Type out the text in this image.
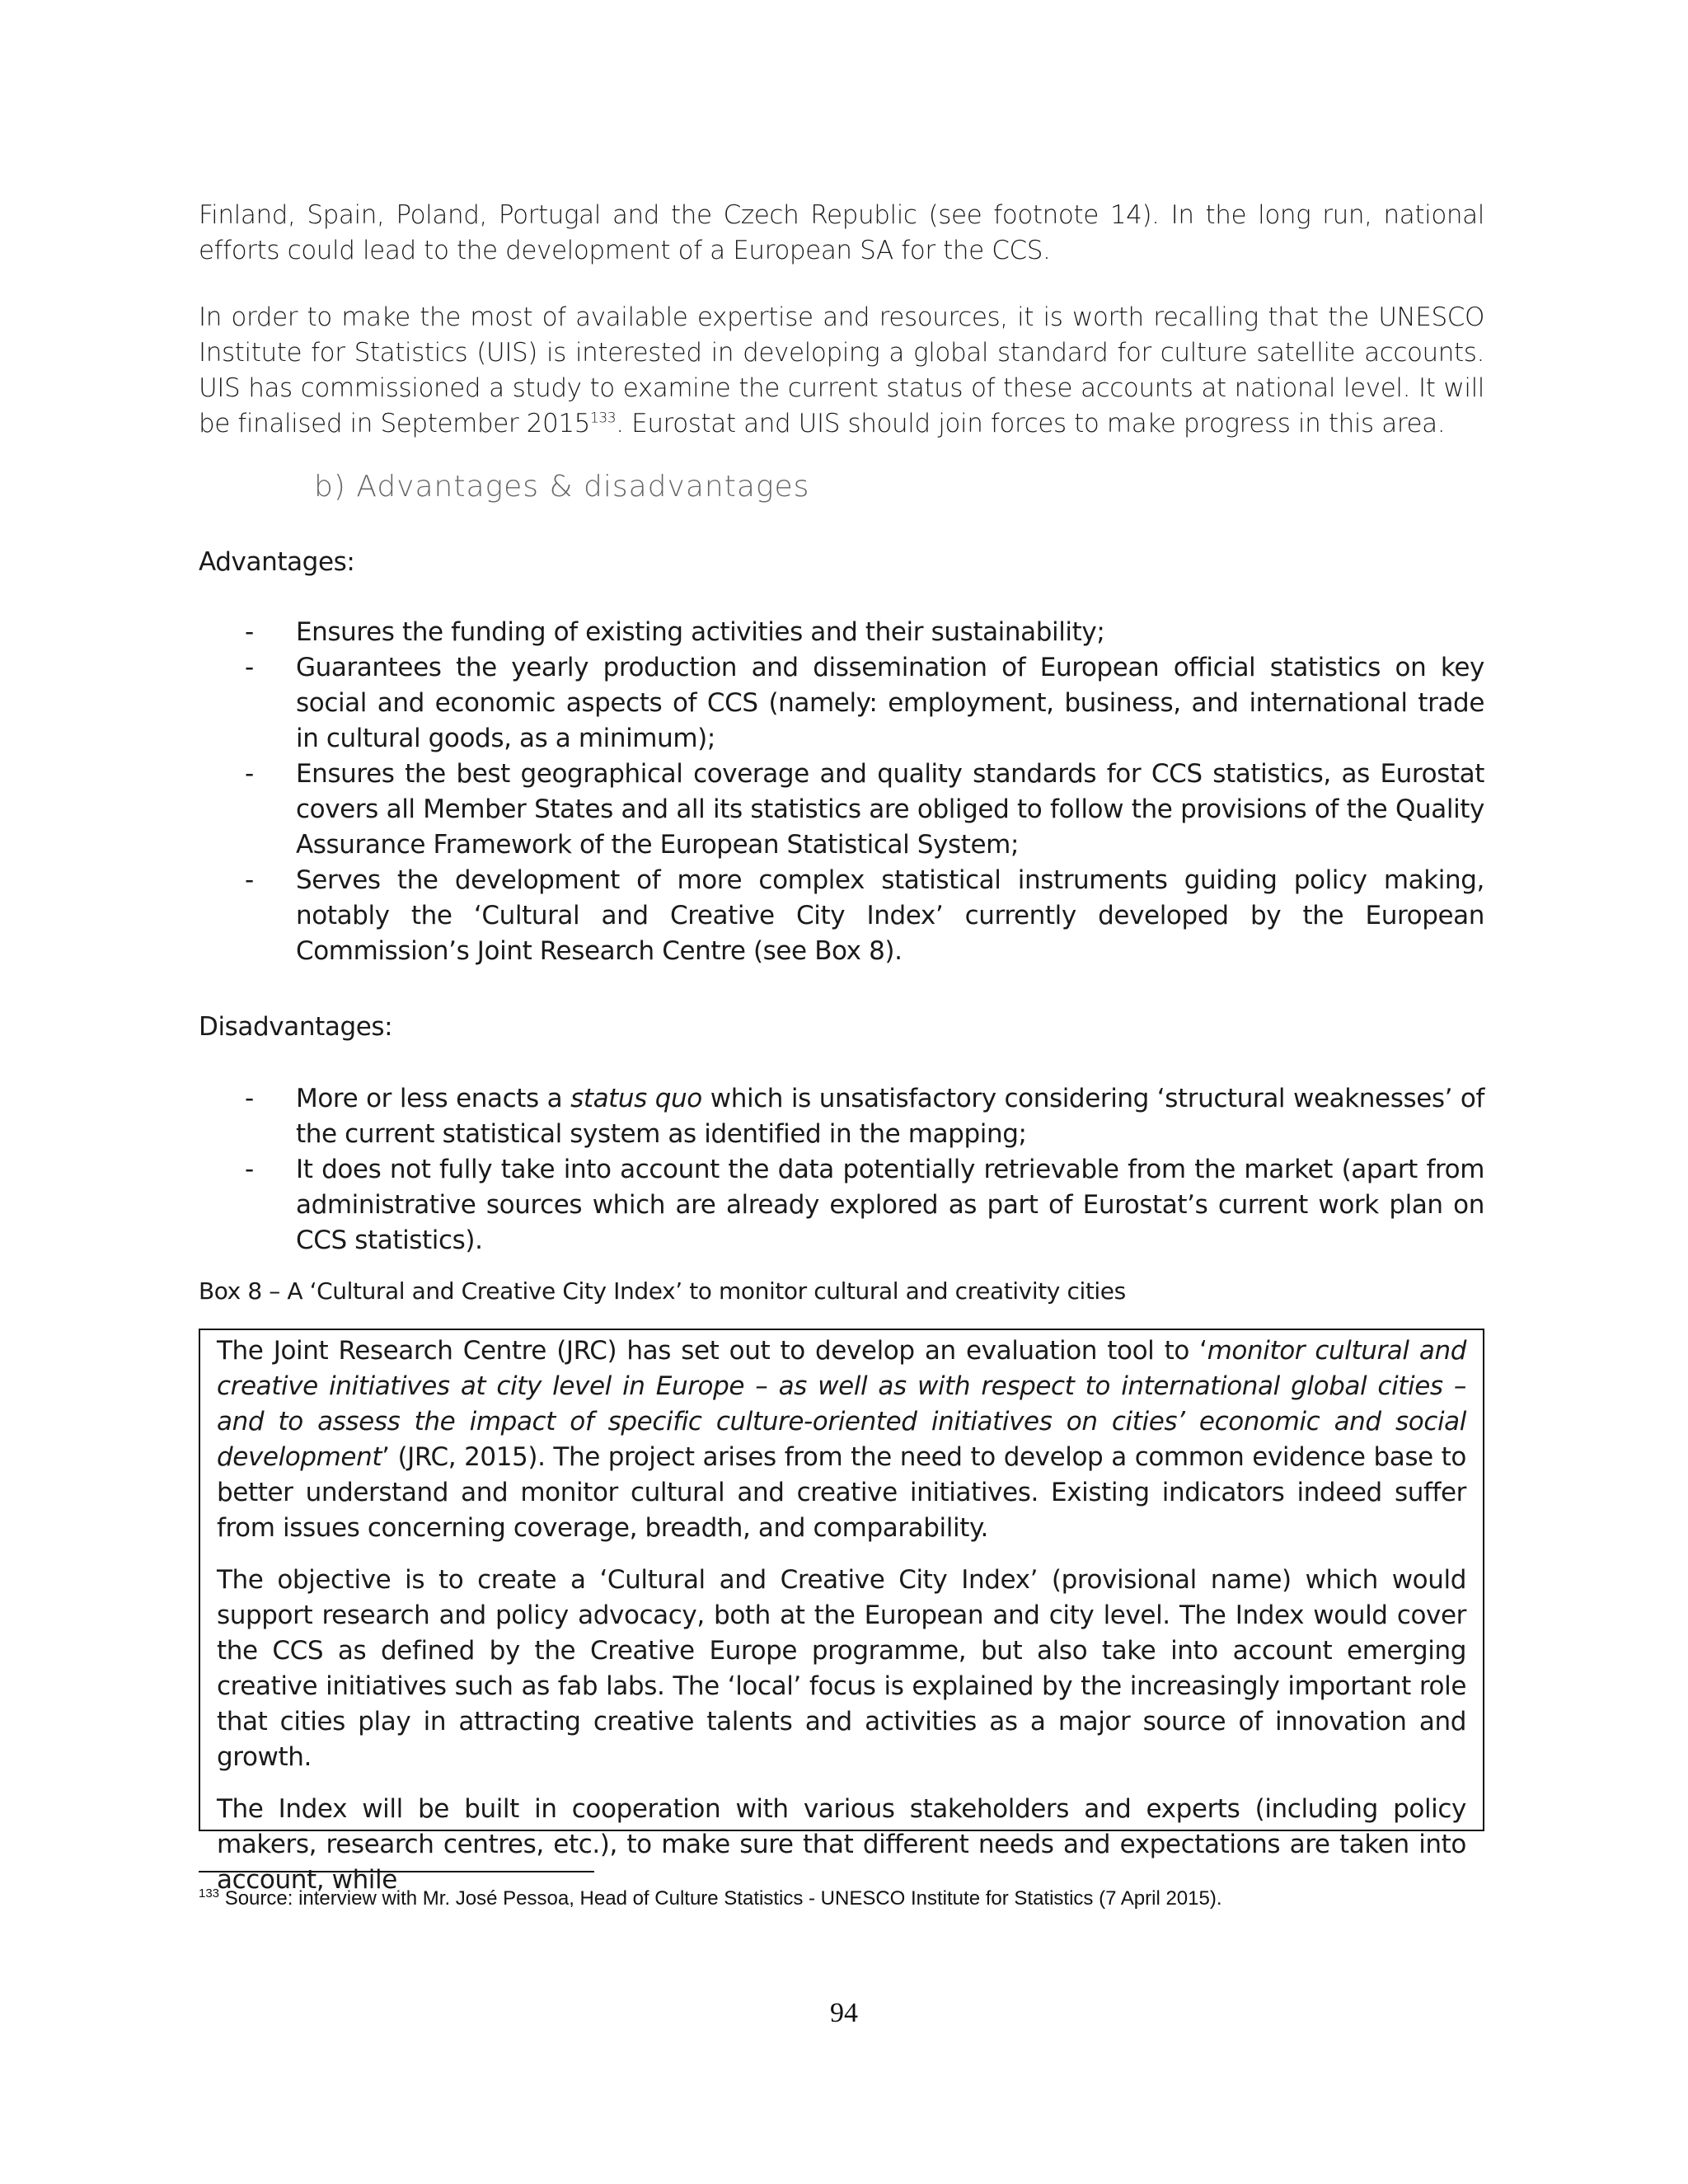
Finland, Spain, Poland, Portugal and the Czech Republic (see footnote 14). In the long run, national efforts could lead to the development of a European SA for the CCS.

In order to make the most of available expertise and resources, it is worth recalling that the UNESCO Institute for Statistics (UIS) is interested in developing a global standard for culture satellite accounts. UIS has commissioned a study to examine the current status of these accounts at national level. It will be finalised in September 2015$^{133}$. Eurostat and UIS should join forces to make progress in this area.

b) Advantages & disadvantages
Advantages:
- Ensures the funding of existing activities and their sustainability;
- Guarantees the yearly production and dissemination of European official statistics on key social and economic aspects of CCS (namely: employment, business, and international trade in cultural goods, as a minimum);
- Ensures the best geographical coverage and quality standards for CCS statistics, as Eurostat covers all Member States and all its statistics are obliged to follow the provisions of the Quality Assurance Framework of the European Statistical System;
- Serves the development of more complex statistical instruments guiding policy making, notably the ‘Cultural and Creative City Index’ currently developed by the European Commission’s Joint Research Centre (see Box 8).
Disadvantages:
- More or less enacts a status quo which is unsatisfactory considering ‘structural weaknesses’ of the current statistical system as identified in the mapping;
- It does not fully take into account the data potentially retrievable from the market (apart from administrative sources which are already explored as part of Eurostat’s current work plan on CCS statistics).
Box 8 – A ‘Cultural and Creative City Index’ to monitor cultural and creativity cities

The Joint Research Centre (JRC) has set out to develop an evaluation tool to ‘monitor cultural and creative initiatives at city level in Europe – as well as with respect to international global cities – and to assess the impact of specific culture-oriented initiatives on cities’ economic and social development’ (JRC, 2015). The project arises from the need to develop a common evidence base to better understand and monitor cultural and creative initiatives. Existing indicators indeed suffer from issues concerning coverage, breadth, and comparability.

The objective is to create a ‘Cultural and Creative City Index’ (provisional name) which would support research and policy advocacy, both at the European and city level. The Index would cover the CCS as defined by the Creative Europe programme, but also take into account emerging creative initiatives such as fab labs. The ‘local’ focus is explained by the increasingly important role that cities play in attracting creative talents and activities as a major source of innovation and growth.

The Index will be built in cooperation with various stakeholders and experts (including policy makers, research centres, etc.), to make sure that different needs and expectations are taken into account, while

$^{133}$ Source: interview with Mr. José Pessoa, Head of Culture Statistics - UNESCO Institute for Statistics (7 April 2015).
94
